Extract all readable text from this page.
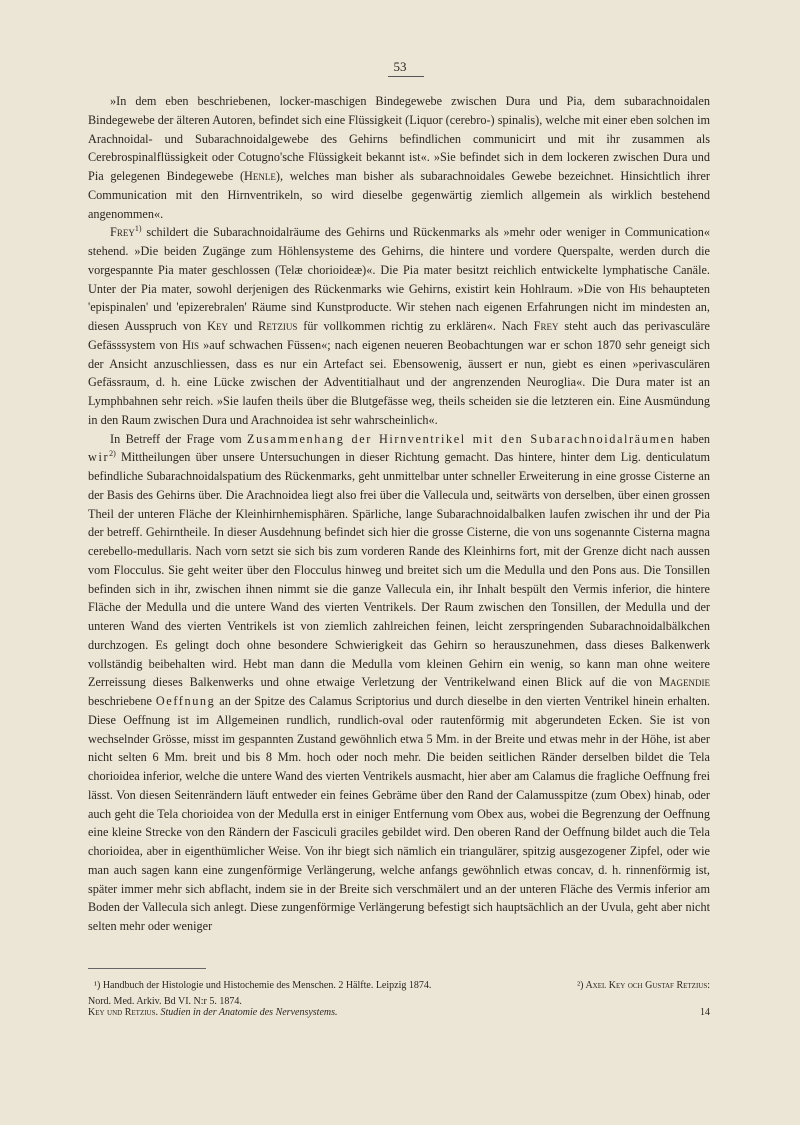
53

»In dem eben beschriebenen, locker-maschigen Bindegewebe zwischen Dura und Pia, dem subarachnoidalen Bindegewebe der älteren Autoren, befindet sich eine Flüssigkeit (Liquor (cerebro-) spinalis), welche mit einer eben solchen im Arachnoidal- und Subarachnoidalgewebe des Gehirns befindlichen communicirt und mit ihr zusammen als Cerebrospinalflüssigkeit oder Cotugno'sche Flüssigkeit bekannt ist«. »Sie befindet sich in dem lockeren zwischen Dura und Pia gelegenen Bindegewebe (Henle), welches man bisher als subarachnoidales Gewebe bezeichnet. Hinsichtlich ihrer Communication mit den Hirnventrikeln, so wird dieselbe gegenwärtig ziemlich allgemein als wirklich bestehend angenommen«.

Frey$^{1)}$ schildert die Subarachnoidalräume des Gehirns und Rückenmarks als »mehr oder weniger in Communication« stehend. »Die beiden Zugänge zum Höhlensysteme des Gehirns, die hintere und vordere Querspalte, werden durch die vorgespannte Pia mater geschlossen (Telæ chorioideæ)«. Die Pia mater besitzt reichlich entwickelte lymphatische Canäle. Unter der Pia mater, sowohl derjenigen des Rückenmarks wie Gehirns, existirt kein Hohlraum. »Die von His behaupteten 'epispinalen' und 'epizerebralen' Räume sind Kunstproducte. Wir stehen nach eigenen Erfahrungen nicht im mindesten an, diesen Ausspruch von Key und Retzius für vollkommen richtig zu erklären«. Nach Frey steht auch das perivasculäre Gefässsystem von His »auf schwachen Füssen«; nach eigenen neueren Beobachtungen war er schon 1870 sehr geneigt sich der Ansicht anzuschliessen, dass es nur ein Artefact sei. Ebensowenig, äussert er nun, giebt es einen »perivasculären Gefässraum, d. h. eine Lücke zwischen der Adventitialhaut und der angrenzenden Neuroglia«. Die Dura mater ist an Lymphbahnen sehr reich. »Sie laufen theils über die Blutgefässe weg, theils scheiden sie die letzteren ein. Eine Ausmündung in den Raum zwischen Dura und Arachnoidea ist sehr wahrscheinlich«.

In Betreff der Frage vom Zusammenhang der Hirnventrikel mit den Subarachnoidalräumen haben wir$^{2)}$ Mittheilungen über unsere Untersuchungen in dieser Richtung gemacht. Das hintere, hinter dem Lig. denticulatum befindliche Subarachnoidalspatium des Rückenmarks, geht unmittelbar unter schneller Erweiterung in eine grosse Cisterne an der Basis des Gehirns über. Die Arachnoidea liegt also frei über die Vallecula und, seitwärts von derselben, über einen grossen Theil der unteren Fläche der Kleinhirnhemisphären. Spärliche, lange Subarachnoidalbalken laufen zwischen ihr und der Pia der betreff. Gehirntheile. In dieser Ausdehnung befindet sich hier die grosse Cisterne, die von uns sogenannte Cisterna magna cerebello-medullaris. Nach vorn setzt sie sich bis zum vorderen Rande des Kleinhirns fort, mit der Grenze dicht nach aussen vom Flocculus. Sie geht weiter über den Flocculus hinweg und breitet sich um die Medulla und den Pons aus. Die Tonsillen befinden sich in ihr, zwischen ihnen nimmt sie die ganze Vallecula ein, ihr Inhalt bespült den Vermis inferior, die hintere Fläche der Medulla und die untere Wand des vierten Ventrikels. Der Raum zwischen den Tonsillen, der Medulla und der unteren Wand des vierten Ventrikels ist von ziemlich zahlreichen feinen, leicht zerspringenden Subarachnoidalbälkchen durchzogen. Es gelingt doch ohne besondere Schwierigkeit das Gehirn so herauszunehmen, dass dieses Balkenwerk vollständig beibehalten wird. Hebt man dann die Medulla vom kleinen Gehirn ein wenig, so kann man ohne weitere Zerreissung dieses Balkenwerks und ohne etwaige Verletzung der Ventrikelwand einen Blick auf die von Magendie beschriebene Oeffnung an der Spitze des Calamus Scriptorius und durch dieselbe in den vierten Ventrikel hinein erhalten. Diese Oeffnung ist im Allgemeinen rundlich, rundlich-oval oder rautenförmig mit abgerundeten Ecken. Sie ist von wechselnder Grösse, misst im gespannten Zustand gewöhnlich etwa 5 Mm. in der Breite und etwas mehr in der Höhe, ist aber nicht selten 6 Mm. breit und bis 8 Mm. hoch oder noch mehr. Die beiden seitlichen Ränder derselben bildet die Tela chorioidea inferior, welche die untere Wand des vierten Ventrikels ausmacht, hier aber am Calamus die fragliche Oeffnung frei lässt. Von diesen Seitenrändern läuft entweder ein feines Gebräme über den Rand der Calamusspitze (zum Obex) hinab, oder auch geht die Tela chorioidea von der Medulla erst in einiger Entfernung vom Obex aus, wobei die Begrenzung der Oeffnung eine kleine Strecke von den Rändern der Fasciculi graciles gebildet wird. Den oberen Rand der Oeffnung bildet auch die Tela chorioidea, aber in eigenthümlicher Weise. Von ihr biegt sich nämlich ein triangulärer, spitzig ausgezogener Zipfel, oder wie man auch sagen kann eine zungenförmige Verlängerung, welche anfangs gewöhnlich etwas concav, d. h. rinnenförmig ist, später immer mehr sich abflacht, indem sie in der Breite sich verschmälert und an der unteren Fläche des Vermis inferior am Boden der Vallecula sich anlegt. Diese zungenförmige Verlängerung befestigt sich hauptsächlich an der Uvula, geht aber nicht selten mehr oder weniger

¹) Handbuch der Histologie und Histochemie des Menschen. 2 Hälfte. Leipzig 1874.	²) Axel Key och Gustaf Retzius:
Nord. Med. Arkiv. Bd VI. N:r 5. 1874.
Key und Retzius. Studien in der Anatomie des Nervensystems.	14
